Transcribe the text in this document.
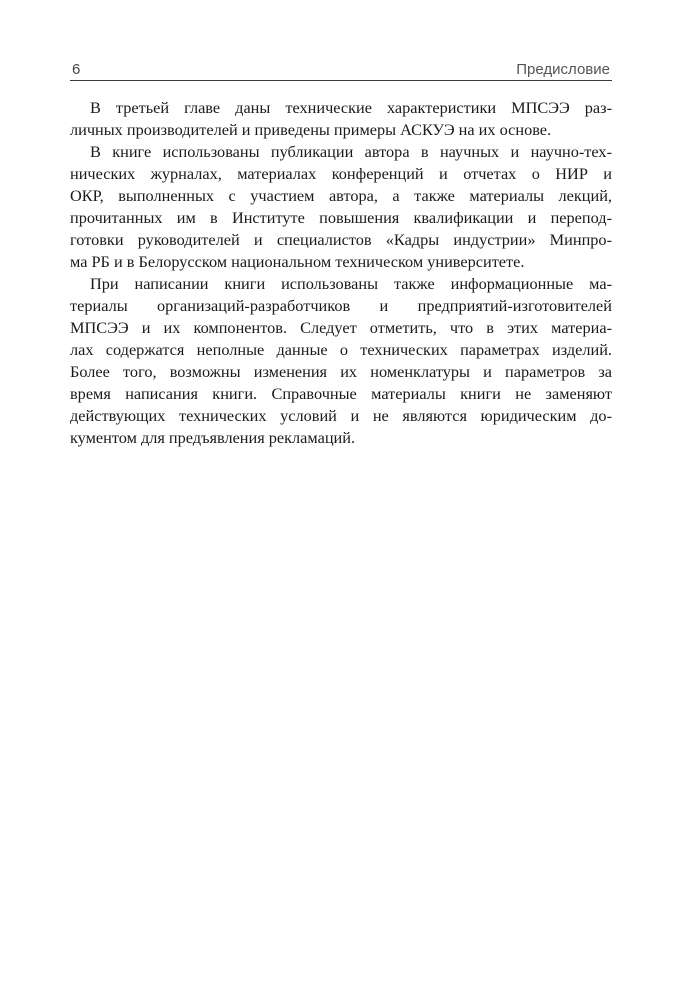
6	Предисловие

В третьей главе даны технические характеристики МПСЭЭ раз-
личных производителей и приведены примеры АСКУЭ на их основе.

В книге использованы публикации автора в научных и научно-тех-
нических журналах, материалах конференций и отчетах о НИР и
ОКР, выполненных с участием автора, а также материалы лекций,
прочитанных им в Институте повышения квалификации и перепод-
готовки руководителей и специалистов «Кадры индустрии» Минпро-
ма РБ и в Белорусском национальном техническом университете.

При написании книги использованы также информационные ма-
териалы организаций-разработчиков и предприятий-изготовителей
МПСЭЭ и их компонентов. Следует отметить, что в этих материа-
лах содержатся неполные данные о технических параметрах изделий.
Более того, возможны изменения их номенклатуры и параметров за
время написания книги. Справочные материалы книги не заменяют
действующих технических условий и не являются юридическим до-
кументом для предъявления рекламаций.
